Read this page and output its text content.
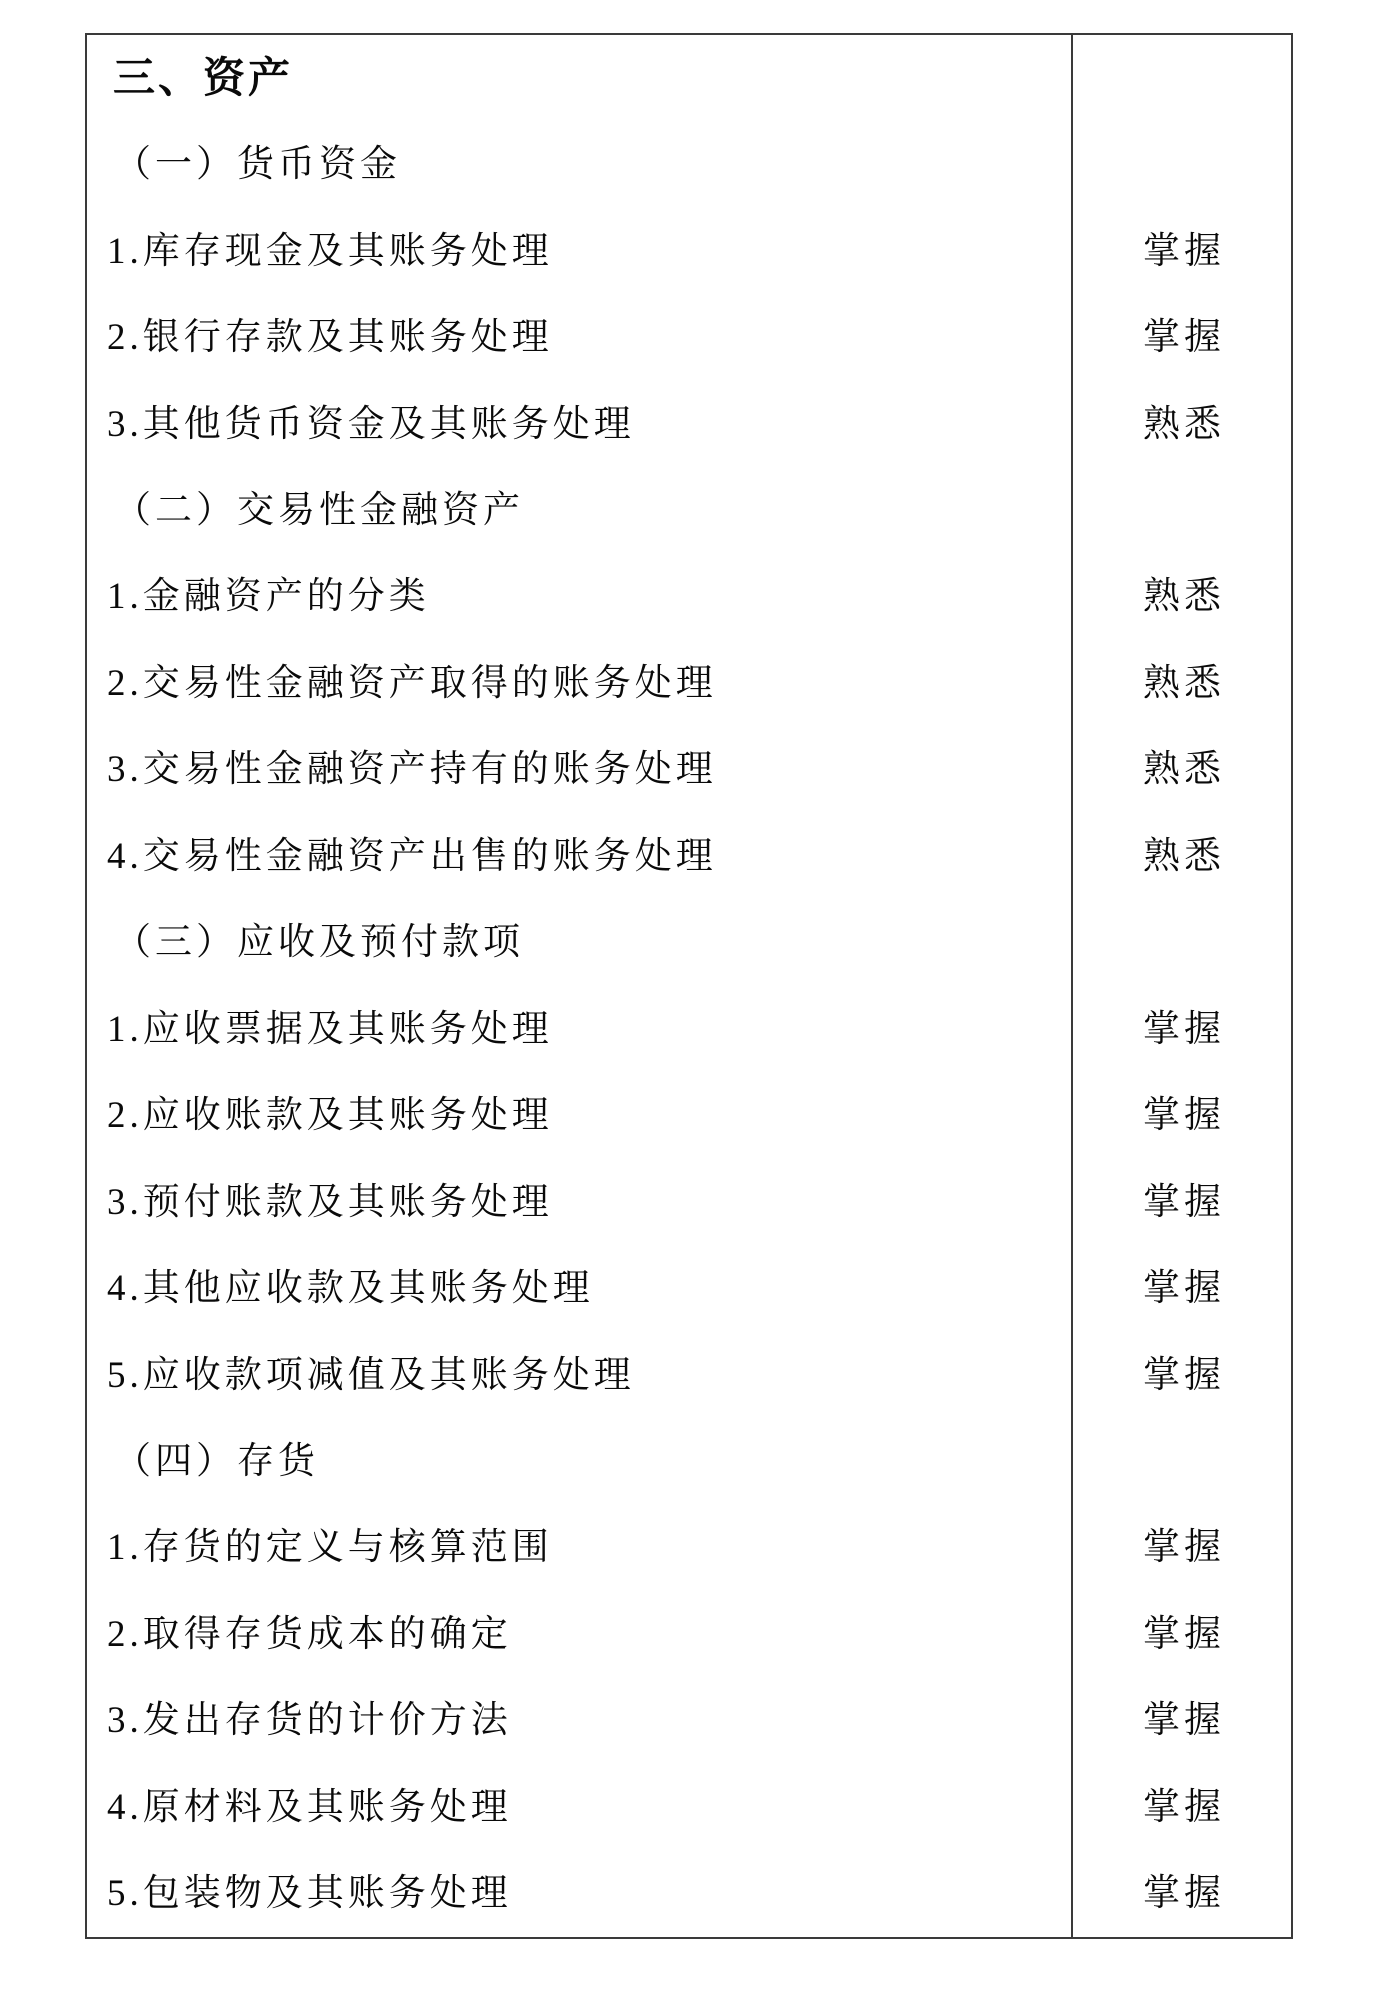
三、资产
（一）货币资金
1.库存现金及其账务处理	掌握
2.银行存款及其账务处理	掌握
3.其他货币资金及其账务处理	熟悉
（二）交易性金融资产
1.金融资产的分类	熟悉
2.交易性金融资产取得的账务处理	熟悉
3.交易性金融资产持有的账务处理	熟悉
4.交易性金融资产出售的账务处理	熟悉
（三）应收及预付款项
1.应收票据及其账务处理	掌握
2.应收账款及其账务处理	掌握
3.预付账款及其账务处理	掌握
4.其他应收款及其账务处理	掌握
5.应收款项减值及其账务处理	掌握
（四）存货
1.存货的定义与核算范围	掌握
2.取得存货成本的确定	掌握
3.发出存货的计价方法	掌握
4.原材料及其账务处理	掌握
5.包装物及其账务处理	掌握
